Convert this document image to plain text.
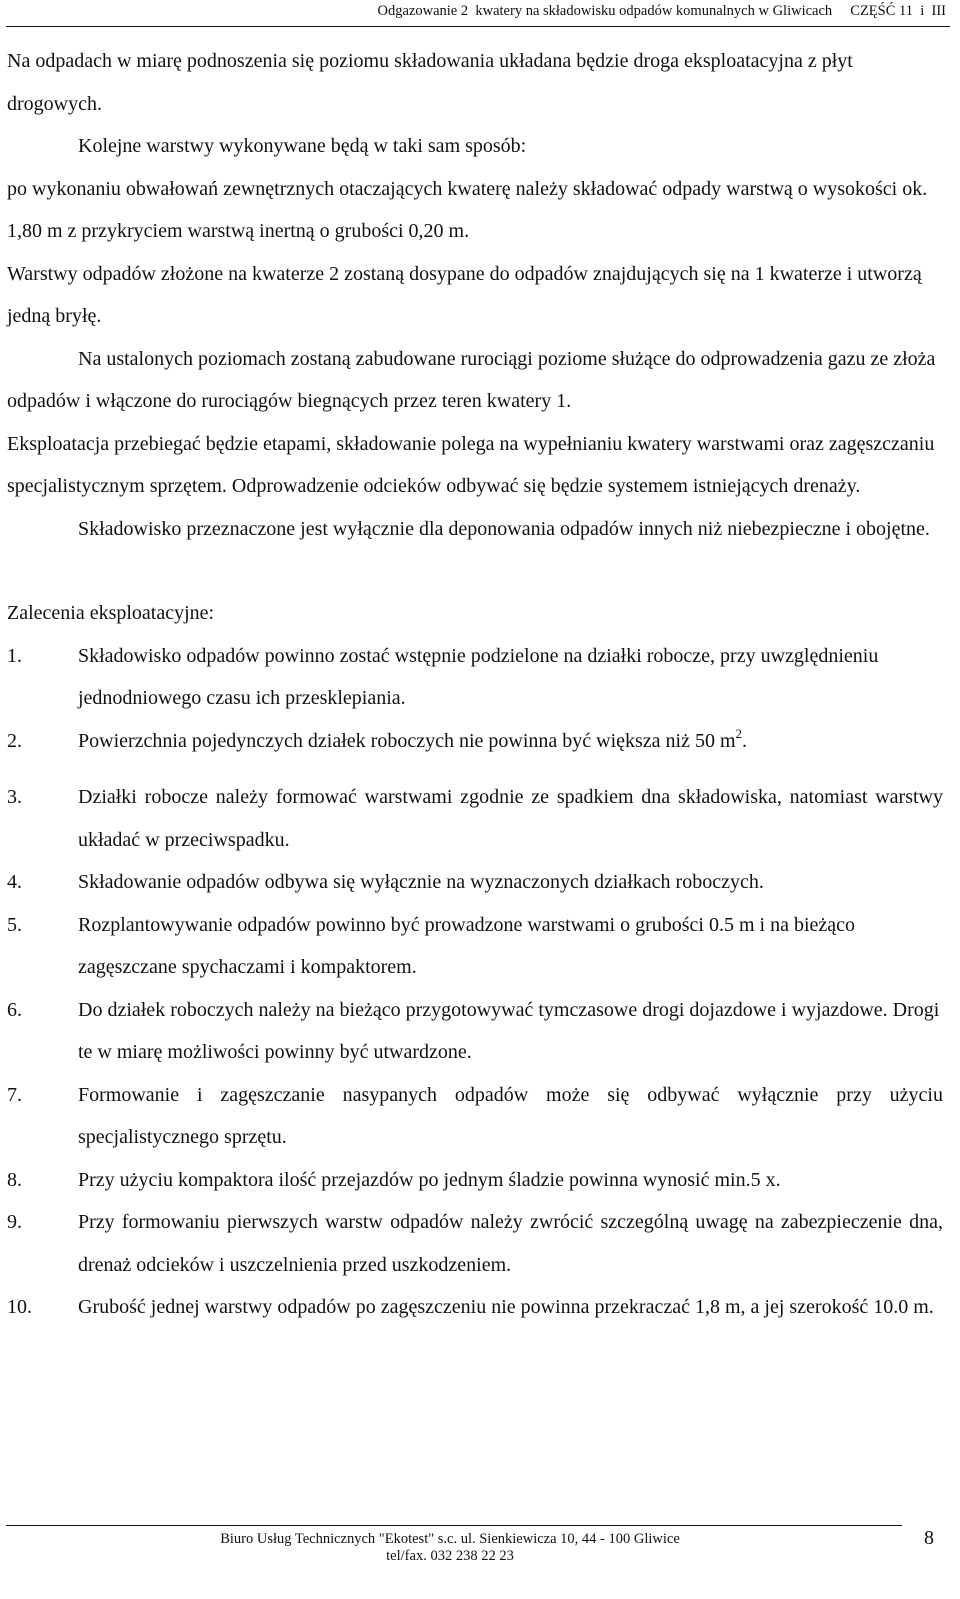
Odgazowanie 2  kwatery na składowisku odpadów komunalnych w Gliwicach     CZĘŚĆ 11  i  III

Na odpadach w miarę podnoszenia się poziomu składowania układana będzie droga eksploatacyjna z płyt drogowych.

Kolejne warstwy wykonywane będą w taki sam sposób:

po wykonaniu obwałowań zewnętrznych otaczających kwaterę należy składować odpady warstwą o wysokości ok. 1,80 m z przykryciem warstwą inertną o grubości 0,20 m.

Warstwy odpadów złożone na kwaterze 2 zostaną dosypane do odpadów znajdujących się na 1 kwaterze i utworzą jedną bryłę.

Na ustalonych poziomach zostaną zabudowane rurociągi poziome służące do odprowadzenia gazu ze złoża odpadów i włączone do rurociągów biegnących przez teren kwatery 1.

Eksploatacja przebiegać będzie etapami, składowanie polega na wypełnianiu kwatery warstwami oraz zagęszczaniu specjalistycznym sprzętem. Odprowadzenie odcieków odbywać się będzie systemem istniejących drenaży.

Składowisko przeznaczone jest wyłącznie dla deponowania odpadów innych niż niebezpieczne i obojętne.

Zalecenia eksploatacyjne:

1.	Składowisko odpadów powinno zostać wstępnie podzielone na działki robocze, przy uwzględnieniu jednodniowego czasu ich przesklepiania.
2.	Powierzchnia pojedynczych działek roboczych nie powinna być większa niż 50 $m^2$.
3.	Działki robocze należy formować warstwami zgodnie ze spadkiem dna składowiska, natomiast warstwy układać w przeciwspadku.
4.	Składowanie odpadów odbywa się wyłącznie na wyznaczonych działkach roboczych.
5.	Rozplantowywanie odpadów powinno być prowadzone warstwami o grubości 0.5 m i na bieżąco zagęszczane spychaczami i kompaktorem.
6.	Do działek roboczych należy na bieżąco przygotowywać tymczasowe drogi dojazdowe i wyjazdowe. Drogi te w miarę możliwości powinny być utwardzone.
7.	Formowanie i zagęszczanie nasypanych odpadów może się odbywać wyłącznie przy użyciu specjalistycznego sprzętu.
8.	Przy użyciu kompaktora ilość przejazdów po jednym śladzie powinna wynosić min.5 x.
9.	Przy formowaniu pierwszych warstw odpadów należy zwrócić szczególną uwagę na zabezpieczenie dna, drenaż odcieków i uszczelnienia przed uszkodzeniem.
10. Grubość jednej warstwy odpadów po zagęszczeniu nie powinna przekraczać 1,8 m, a jej szerokość 10.0 m.
Biuro Usług Technicznych "Ekotest" s.c. ul. Sienkiewicza 10, 44 - 100 Gliwice
tel/fax. 032 238 22 23
8
